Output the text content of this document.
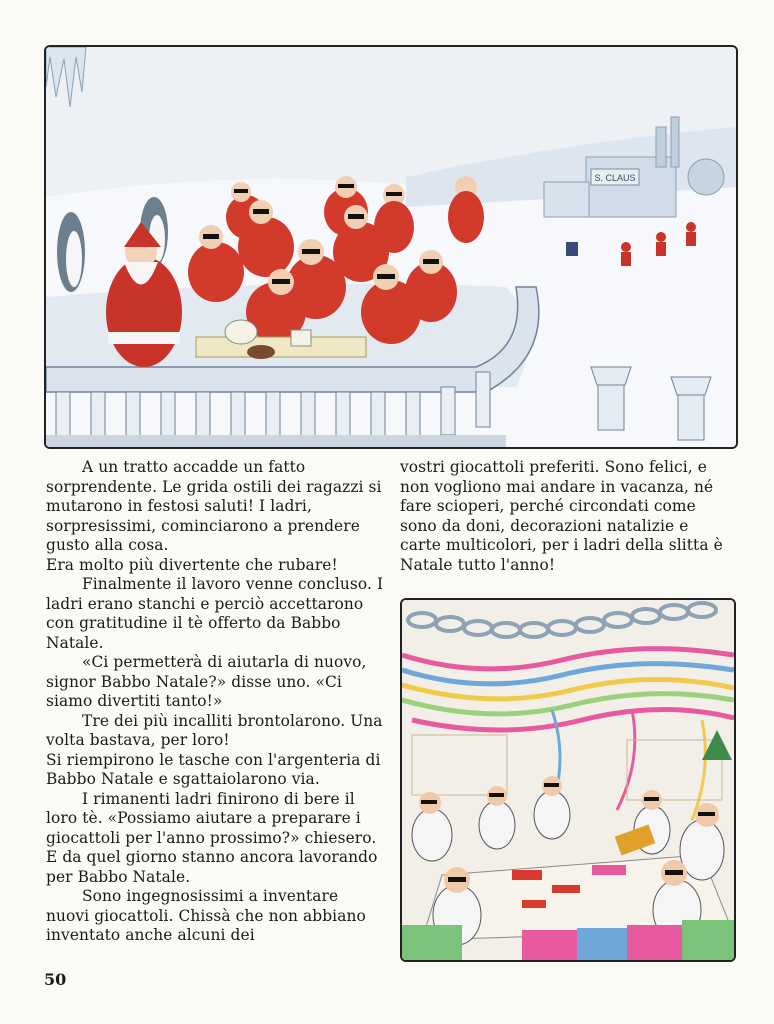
S. CLAUS

A un tratto accadde un fatto sorprendente. Le grida ostili dei ragazzi si mutarono in festosi saluti! I ladri, sorpresissimi, cominciarono a prendere gusto alla cosa.

Era molto più divertente che rubare!

Finalmente il lavoro venne concluso. I ladri erano stanchi e perciò accettarono con gratitudine il tè offerto da Babbo Natale.

«Ci permetterà di aiutarla di nuovo, signor Babbo Natale?» disse uno. «Ci siamo divertiti tanto!»

Tre dei più incalliti brontolarono. Una volta bastava, per loro!

Si riempirono le tasche con l'argenteria di Babbo Natale e sgattaiolarono via.

I rimanenti ladri finirono di bere il loro tè. «Possiamo aiutare a preparare i giocattoli per l'anno prossimo?» chiesero. E da quel giorno stanno ancora lavorando per Babbo Natale.

Sono ingegnosissimi a inventare nuovi giocattoli. Chissà che non abbiano inventato anche alcuni dei

vostri giocattoli preferiti. Sono felici, e non vogliono mai andare in vacanza, né fare scioperi, perché circondati come sono da doni, decorazioni natalizie e carte multicolori, per i ladri della slitta è Natale tutto l'anno!

50
